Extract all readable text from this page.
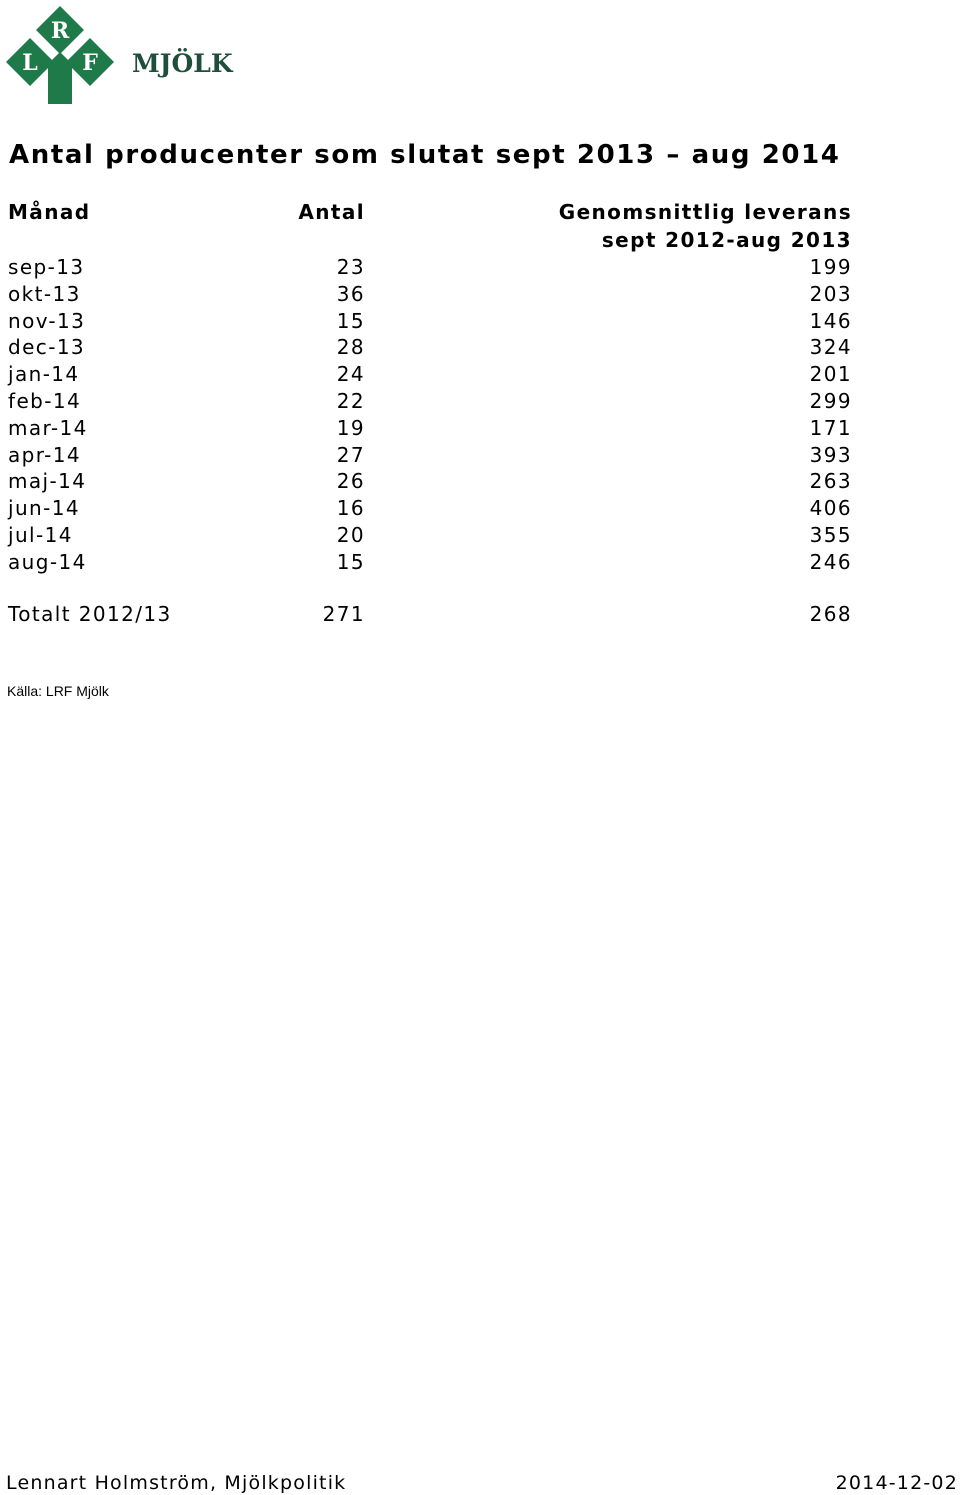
R
L F MJÖLK
Antal producenter som slutat sept 2013 – aug 2014
Månad	Antal	Genomsnittlig leverans
sept 2012-aug 2013
sep-13	23	199
okt-13	36	203
nov-13	15	146
dec-13	28	324
jan-14	24	201
feb-14	22	299
mar-14	19	171
apr-14	27	393
maj-14	26	263
jun-14	16	406
jul-14	20	355
aug-14	15	246
Totalt 2012/13	271	268
Källa: LRF Mjölk
Lennart Holmström, Mjölkpolitik	2014-12-02
